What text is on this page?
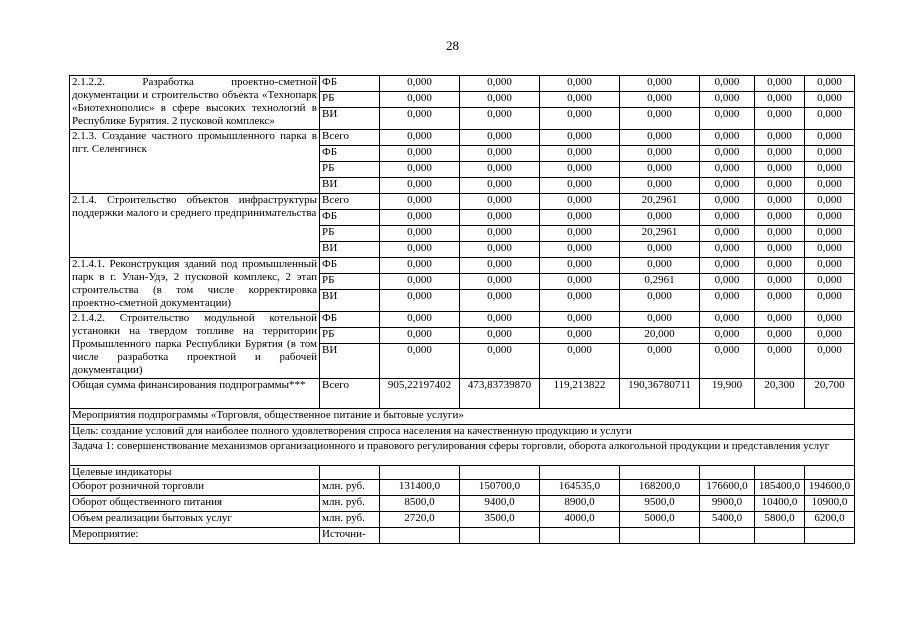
28
2.1.2.2. Разработка проектно-сметной документации и строительство объекта «Технопарк «Биотехнополис» в сфере высоких технологий в Республике Бурятия. 2 пусковой комплекс»	ФБ	0,000	0,000	0,000	0,000	0,000	0,000	0,000
	РБ	0,000	0,000	0,000	0,000	0,000	0,000	0,000
	ВИ	0,000	0,000	0,000	0,000	0,000	0,000	0,000
2.1.3. Создание частного промышленного парка в пгт. Селенгинск	Всего	0,000	0,000	0,000	0,000	0,000	0,000	0,000
	ФБ	0,000	0,000	0,000	0,000	0,000	0,000	0,000
	РБ	0,000	0,000	0,000	0,000	0,000	0,000	0,000
	ВИ	0,000	0,000	0,000	0,000	0,000	0,000	0,000
2.1.4. Строительство объектов инфраструктуры поддержки малого и среднего предпринимательства	Всего	0,000	0,000	0,000	20,2961	0,000	0,000	0,000
	ФБ	0,000	0,000	0,000	0,000	0,000	0,000	0,000
	РБ	0,000	0,000	0,000	20,2961	0,000	0,000	0,000
	ВИ	0,000	0,000	0,000	0,000	0,000	0,000	0,000
2.1.4.1. Реконструкция зданий под промышленный парк в г. Улан-Удэ, 2 пусковой комплекс, 2 этап строительства (в том числе корректировка проектно-сметной документации)	ФБ	0,000	0,000	0,000	0,000	0,000	0,000	0,000
	РБ	0,000	0,000	0,000	0,2961	0,000	0,000	0,000
	ВИ	0,000	0,000	0,000	0,000	0,000	0,000	0,000
2.1.4.2. Строительство модульной котельной установки на твердом топливе на территории Промышленного парка Республики Бурятия (в том числе разработка проектной и рабочей документации)	ФБ	0,000	0,000	0,000	0,000	0,000	0,000	0,000
	РБ	0,000	0,000	0,000	20,000	0,000	0,000	0,000
	ВИ	0,000	0,000	0,000	0,000	0,000	0,000	0,000
Общая сумма финансирования подпрограммы***	Всего	905,22197402	473,83739870	119,213822	190,36780711	19,900	20,300	20,700
Мероприятия подпрограммы «Торговля, общественное питание и бытовые услуги»								
Цель: создание условий для наиболее полного удовлетворения спроса населения на качественную продукцию и услуги								
Задача 1: совершенствование механизмов организационного и правового регулирования сферы торговли, оборота алкогольной продукции и представления услуг								
Целевые индикаторы								
Оборот розничной торговли	млн. руб.	131400,0	150700,0	164535,0	168200,0	176600,0	185400,0	194600,0
Оборот общественного питания	млн. руб.	8500,0	9400,0	8900,0	9500,0	9900,0	10400,0	10900,0
Объем реализации бытовых услуг	млн. руб.	2720,0	3500,0	4000,0	5000,0	5400,0	5800,0	6200,0
Мероприятие:	Источни-							
